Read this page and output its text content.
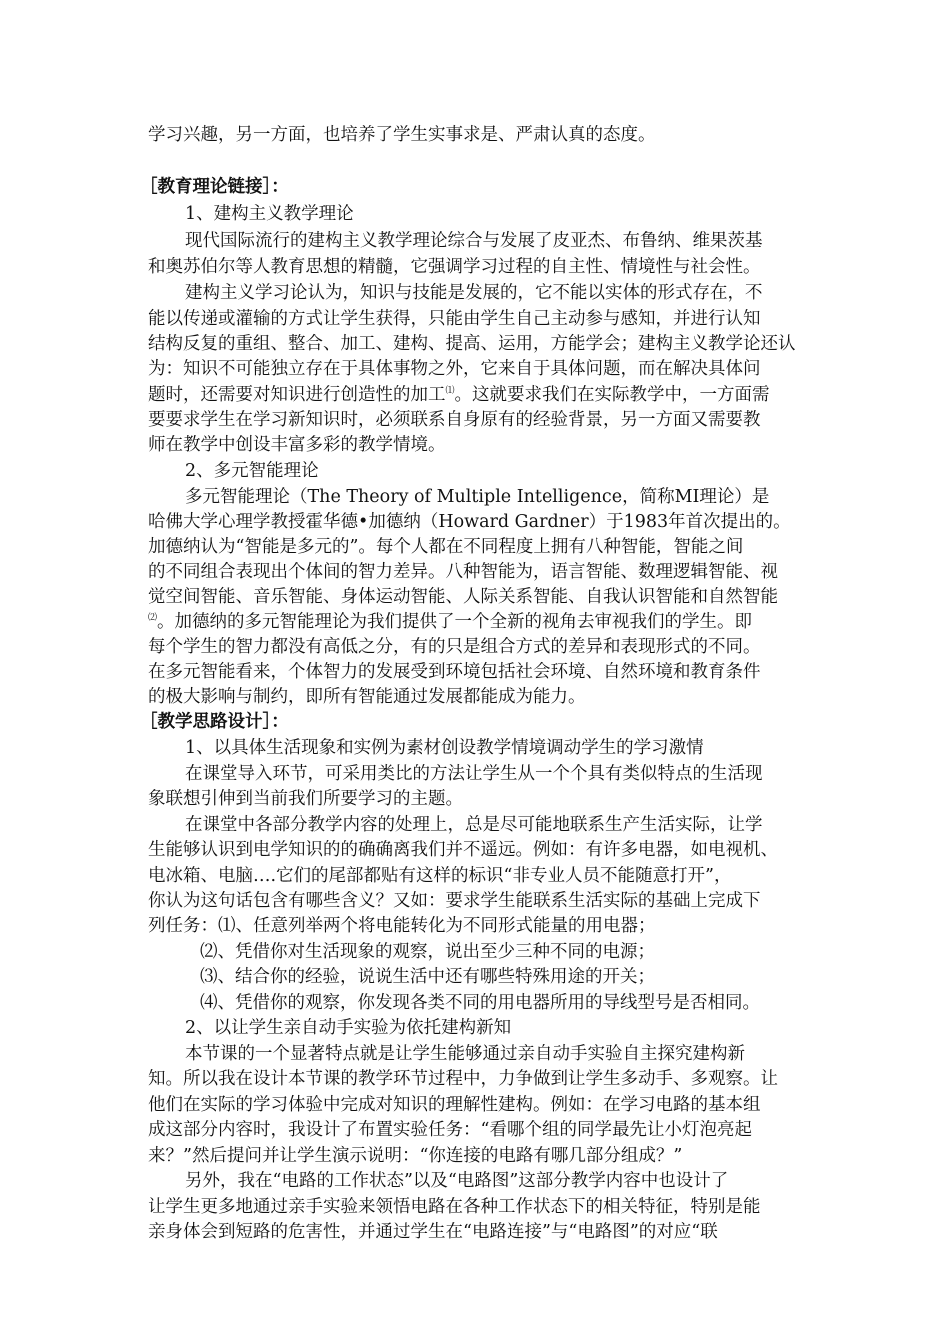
学习兴趣，另一方面，也培养了学生实事求是、严肃认真的态度。
［教育理论链接］：
1、建构主义教学理论
现代国际流行的建构主义教学理论综合与发展了皮亚杰、布鲁纳、维果茨基
和奥苏伯尔等人教育思想的精髓，它强调学习过程的自主性、情境性与社会性。
建构主义学习论认为，知识与技能是发展的，它不能以实体的形式存在，不
能以传递或灌输的方式让学生获得，只能由学生自己主动参与感知，并进行认知
结构反复的重组、整合、加工、建构、提高、运用，方能学会；建构主义教学论还认
为：知识不可能独立存在于具体事物之外，它来自于具体问题，而在解决具体问
题时，还需要对知识进行创造性的加工⑴。这就要求我们在实际教学中，一方面需
要要求学生在学习新知识时，必须联系自身原有的经验背景，另一方面又需要教
师在教学中创设丰富多彩的教学情境。
2、多元智能理论
多元智能理论（The Theory of Multiple Intelligence，简称MI理论）是
哈佛大学心理学教授霍华德•加德纳（Howard Gardner）于1983年首次提出的。
加德纳认为“智能是多元的”。每个人都在不同程度上拥有八种智能，智能之间
的不同组合表现出个体间的智力差异。八种智能为，语言智能、数理逻辑智能、视
觉空间智能、音乐智能、身体运动智能、人际关系智能、自我认识智能和自然智能
⑵。加德纳的多元智能理论为我们提供了一个全新的视角去审视我们的学生。即
每个学生的智力都没有高低之分，有的只是组合方式的差异和表现形式的不同。
在多元智能看来，个体智力的发展受到环境包括社会环境、自然环境和教育条件
的极大影响与制约，即所有智能通过发展都能成为能力。
［教学思路设计］：
1、以具体生活现象和实例为素材创设教学情境调动学生的学习激情
在课堂导入环节，可采用类比的方法让学生从一个个具有类似特点的生活现
象联想引伸到当前我们所要学习的主题。
在课堂中各部分教学内容的处理上，总是尽可能地联系生产生活实际，让学
生能够认识到电学知识的的确确离我们并不遥远。例如：有许多电器，如电视机、
电冰箱、电脑….它们的尾部都贴有这样的标识“非专业人员不能随意打开”，
你认为这句话包含有哪些含义？又如：要求学生能联系生活实际的基础上完成下
列任务：⑴、任意列举两个将电能转化为不同形式能量的用电器；
⑵、凭借你对生活现象的观察，说出至少三种不同的电源；
⑶、结合你的经验，说说生活中还有哪些特殊用途的开关；
⑷、凭借你的观察，你发现各类不同的用电器所用的导线型号是否相同。
2、以让学生亲自动手实验为依托建构新知
本节课的一个显著特点就是让学生能够通过亲自动手实验自主探究建构新
知。所以我在设计本节课的教学环节过程中，力争做到让学生多动手、多观察。让
他们在实际的学习体验中完成对知识的理解性建构。例如：在学习电路的基本组
成这部分内容时，我设计了布置实验任务：“看哪个组的同学最先让小灯泡亮起
来？”然后提问并让学生演示说明：“你连接的电路有哪几部分组成？”
另外，我在“电路的工作状态”以及“电路图”这部分教学内容中也设计了
让学生更多地通过亲手实验来领悟电路在各种工作状态下的相关特征，特别是能
亲身体会到短路的危害性，并通过学生在“电路连接”与“电路图”的对应“联
